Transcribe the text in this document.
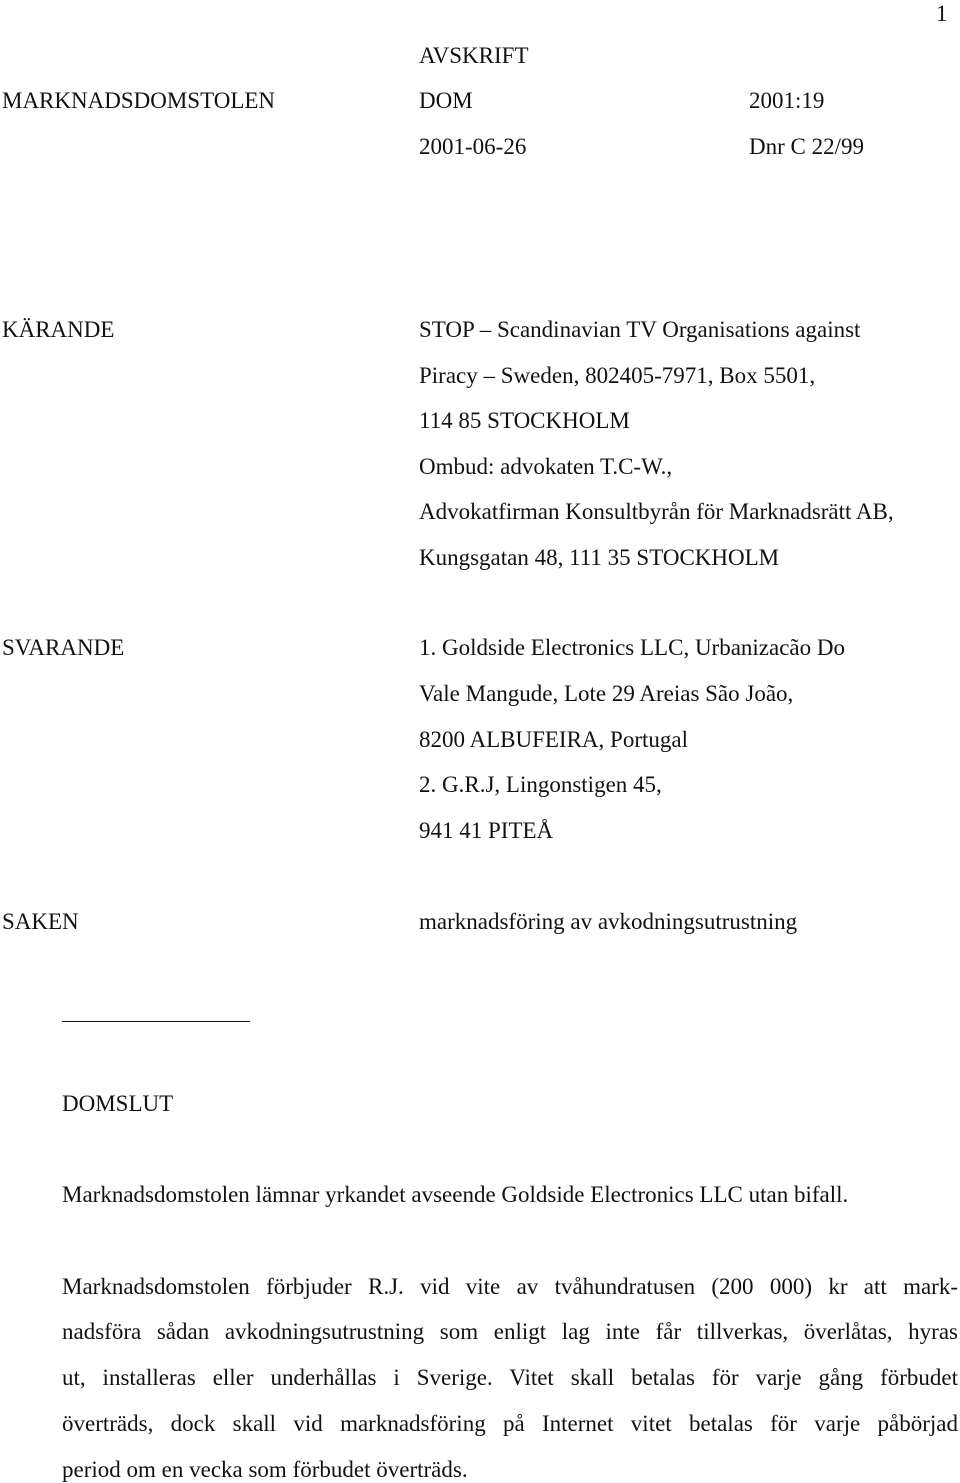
1
AVSKRIFT
MARKNADSDOMSTOLEN	DOM	2001:19
2001-06-26	Dnr C 22/99
KÄRANDE	STOP – Scandinavian TV Organisations against
Piracy – Sweden, 802405-7971, Box 5501,
114 85 STOCKHOLM
Ombud: advokaten T.C-W.,
Advokatfirman Konsultbyrån för Marknadsrätt AB,
Kungsgatan 48, 111 35 STOCKHOLM
SVARANDE	1. Goldside Electronics LLC, Urbanizacão Do
Vale Mangude, Lote 29 Areias São João,
8200 ALBUFEIRA, Portugal
2. G.R.J, Lingonstigen 45,
941 41 PITEÅ
SAKEN	marknadsföring av avkodningsutrustning
DOMSLUT
Marknadsdomstolen lämnar yrkandet avseende Goldside Electronics LLC utan bifall.
Marknadsdomstolen förbjuder R.J. vid vite av tvåhundratusen (200 000) kr att mark-
nadsföra sådan avkodningsutrustning som enligt lag inte får tillverkas, överlåtas, hyras
ut, installeras eller underhållas i Sverige. Vitet skall betalas för varje gång förbudet
överträds, dock skall vid marknadsföring på Internet vitet betalas för varje påbörjad
period om en vecka som förbudet överträds.
